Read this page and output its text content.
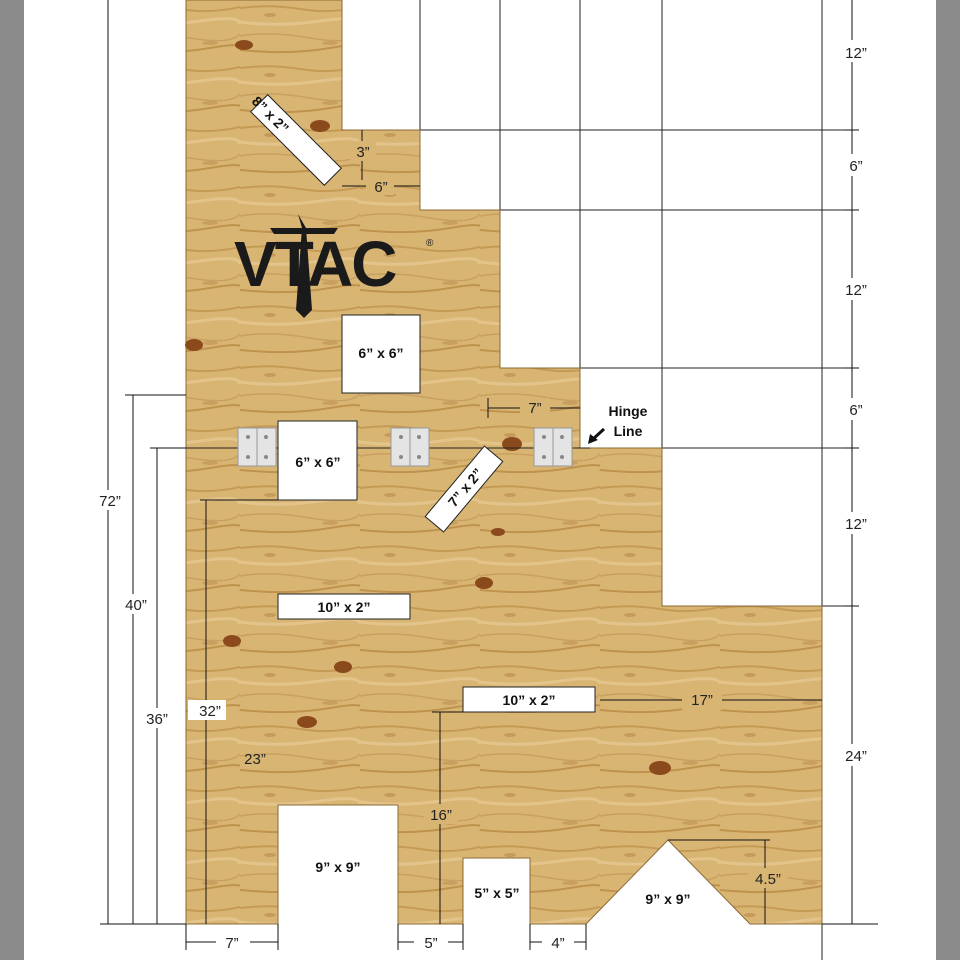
VTAC	®
6” x 6”
6” x 6”
10” x 2”
10” x 2”
9” x 9”
5” x 5”	9” x 9”
8” x 2”
7” x 2”
Hinge
Line
12”
6”
12”
6”
12”
24”
72”
40”
36” 32”
23”
3”
6”
7”
17”
16”
4.5”
7”	5”	4”
